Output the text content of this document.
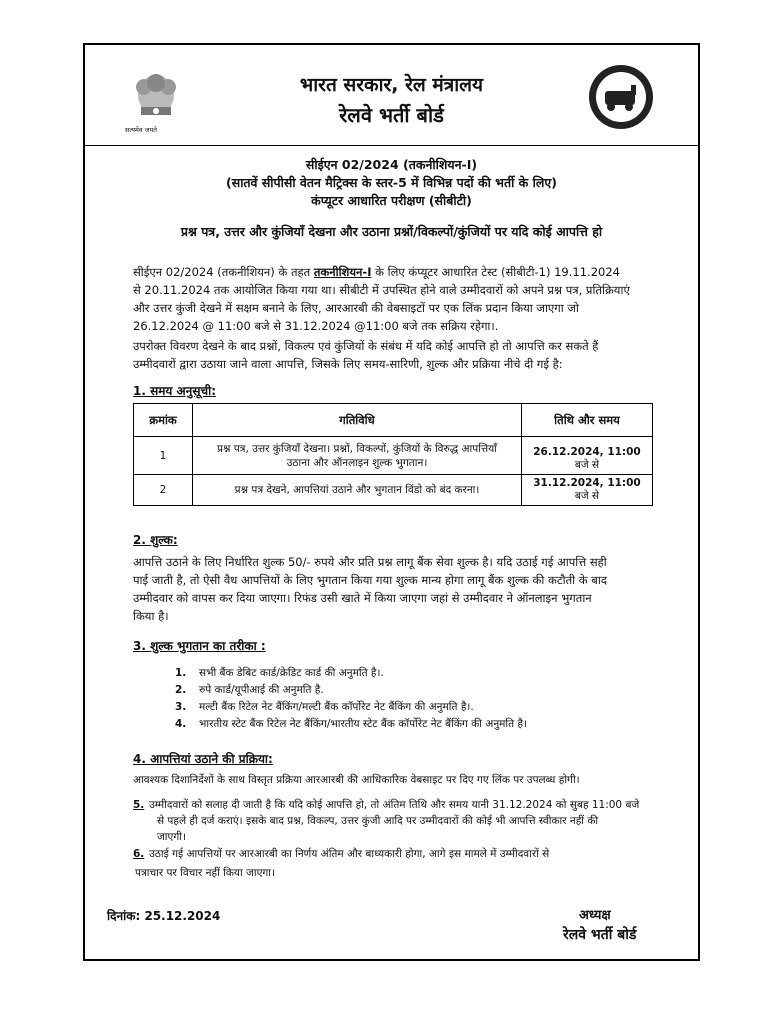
सत्यमेव जयते
भारत सरकार, रेल मंत्रालय
रेलवे भर्ती बोर्ड
सीईएन 02/2024 (तकनीशियन-I)
(सातवें सीपीसी वेतन मैट्रिक्स के स्तर-5 में विभिन्न पदों की भर्ती के लिए)
कंप्यूटर आधारित परीक्षण (सीबीटी)
प्रश्न पत्र, उत्तर और कुंजियाँ देखना और उठाना प्रश्नों/विकल्पों/कुंजियों पर यदि कोई आपत्ति हो
सीईएन 02/2024 (तकनीशियन) के तहत तकनीशियन-I के लिए कंप्यूटर आधारित टेस्ट (सीबीटी-1) 19.11.2024
से 20.11.2024 तक आयोजित किया गया था। सीबीटी में उपस्थित होने वाले उम्मीदवारों को अपने प्रश्न पत्र, प्रतिक्रियाएं
और उत्तर कुंजी देखने में सक्षम बनाने के लिए, आरआरबी की वेबसाइटों पर एक लिंक प्रदान किया जाएगा जो
26.12.2024 @ 11:00 बजे से 31.12.2024 @11:00 बजे तक सक्रिय रहेगा।.
उपरोक्त विवरण देखने के बाद प्रश्नों, विकल्प एवं कुंजियों के संबंध में यदि कोई आपत्ति हो तो आपत्ति कर सकते हैं
उम्मीदवारों द्वारा उठाया जाने वाला आपत्ति, जिसके लिए समय-सारिणी, शुल्क और प्रक्रिया नीचे दी गई है:
1. समय अनुसूची:
क्रमांक	गतिविधि	तिथि और समय
1	प्रश्न पत्र, उत्तर कुंजियाँ देखना। प्रश्नों, विकल्पों, कुंजियों के विरुद्ध आपत्तियाँ
उठाना और ऑनलाइन शुल्क भुगतान।	26.12.2024, 11:00 बजे से
2	प्रश्न पत्र देखने, आपत्तियां उठाने और भुगतान विंडो को बंद करना।	31.12.2024, 11:00 बजे से
2. शुल्क:
आपत्ति उठाने के लिए निर्धारित शुल्क 50/- रुपये और प्रति प्रश्न लागू बैंक सेवा शुल्क है। यदि उठाई गई आपत्ति सही
पाई जाती है, तो ऐसी वैध आपत्तियों के लिए भुगतान किया गया शुल्क मान्य होगा लागू बैंक शुल्क की कटौती के बाद
उम्मीदवार को वापस कर दिया जाएगा। रिफंड उसी खाते में किया जाएगा जहां से उम्मीदवार ने ऑनलाइन भुगतान
किया है।
3. शुल्क भुगतान का तरीका :
1. सभी बैंक डेबिट कार्ड/क्रेडिट कार्ड की अनुमति है।.
2. रुपे कार्ड/यूपीआई की अनुमति है.
3. मल्टी बैंक रिटेल नेट बैंकिंग/मल्टी बैंक कॉर्पोरेट नेट बैंकिंग की अनुमति है।.
4. भारतीय स्टेट बैंक रिटेल नेट बैंकिंग/भारतीय स्टेट बैंक कॉर्पोरेट नेट बैंकिंग की अनुमति है।
4. आपत्तियां उठाने की प्रक्रिया:
आवश्यक दिशानिर्देशों के साथ विस्तृत प्रक्रिया आरआरबी की आधिकारिक वेबसाइट पर दिए गए लिंक पर उपलब्ध होगी।
5. उम्मीदवारों को सलाह दी जाती है कि यदि कोई आपत्ति हो, तो अंतिम तिथि और समय यानी 31.12.2024 को सुबह 11:00 बजे
से पहले ही दर्ज कराएं। इसके बाद प्रश्न, विकल्प, उत्तर कुंजी आदि पर उम्मीदवारों की कोई भी आपत्ति स्वीकार नहीं की
जाएगी।
6. उठाई गई आपत्तियों पर आरआरबी का निर्णय अंतिम और बाध्यकारी होगा, आगे इस मामले में उम्मीदवारों से
पत्राचार पर विचार नहीं किया जाएगा।
दिनांक: 25.12.2024	अध्यक्ष
रेलवे भर्ती बोर्ड
